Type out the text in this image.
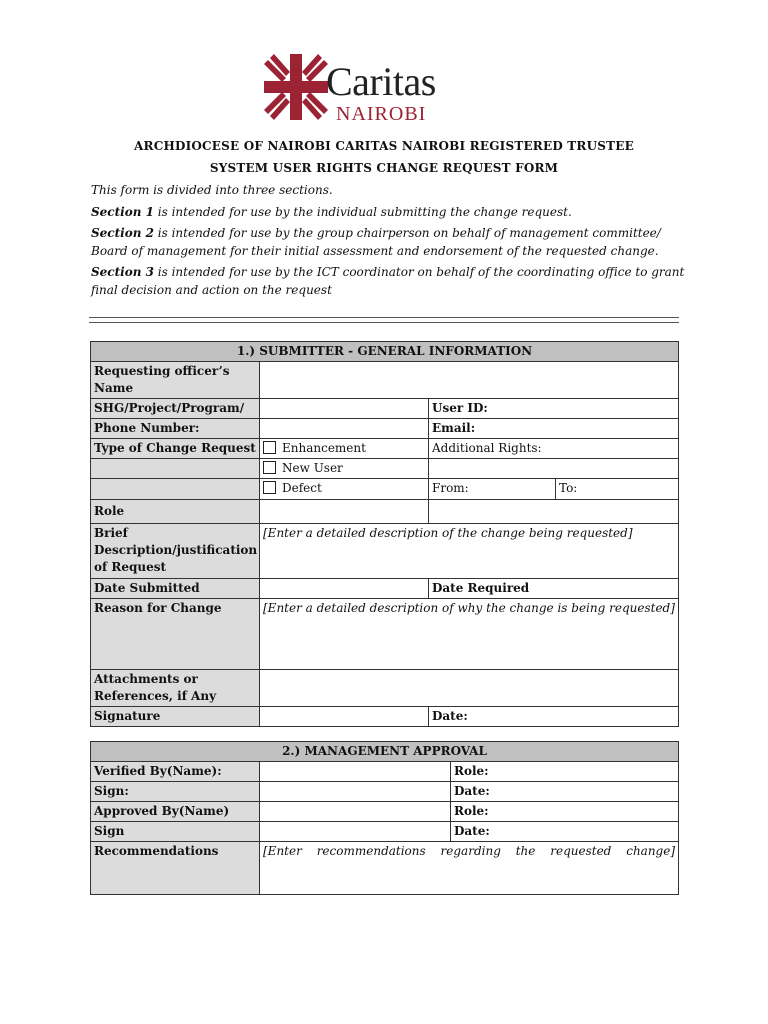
Caritas
NAIROBI
ARCHDIOCESE OF NAIROBI CARITAS NAIROBI REGISTERED TRUSTEE
SYSTEM USER RIGHTS CHANGE REQUEST FORM
This form is divided into three sections.
Section 1 is intended for use by the individual submitting the change request.
Section 2 is intended for use by the group chairperson on behalf of management committee/ Board of management for their initial assessment and endorsement of the requested change.
Section 3 is intended for use by the ICT coordinator on behalf of the coordinating office to grant final decision and action on the request
1.) SUBMITTER - GENERAL INFORMATION			
Requesting officer’s Name			
SHG/Project/Program/		User ID:	
Phone Number:		Email:	
Type of Change Request	Enhancement	Additional Rights:	
	New User		
	Defect	From:	To:
Role			
Brief Description/justification of Request	[Enter a detailed description of the change being requested]		
Date Submitted		Date Required	
Reason for Change	[Enter a detailed description of why the change is being requested]		
Attachments or References, if Any			
Signature		Date:	
2.) MANAGEMENT APPROVAL		
Verified By(Name):		Role:
Sign:		Date:
Approved By(Name)		Role:
Sign		Date:
Recommendations	[Enter recommendations regarding the requested change]	
